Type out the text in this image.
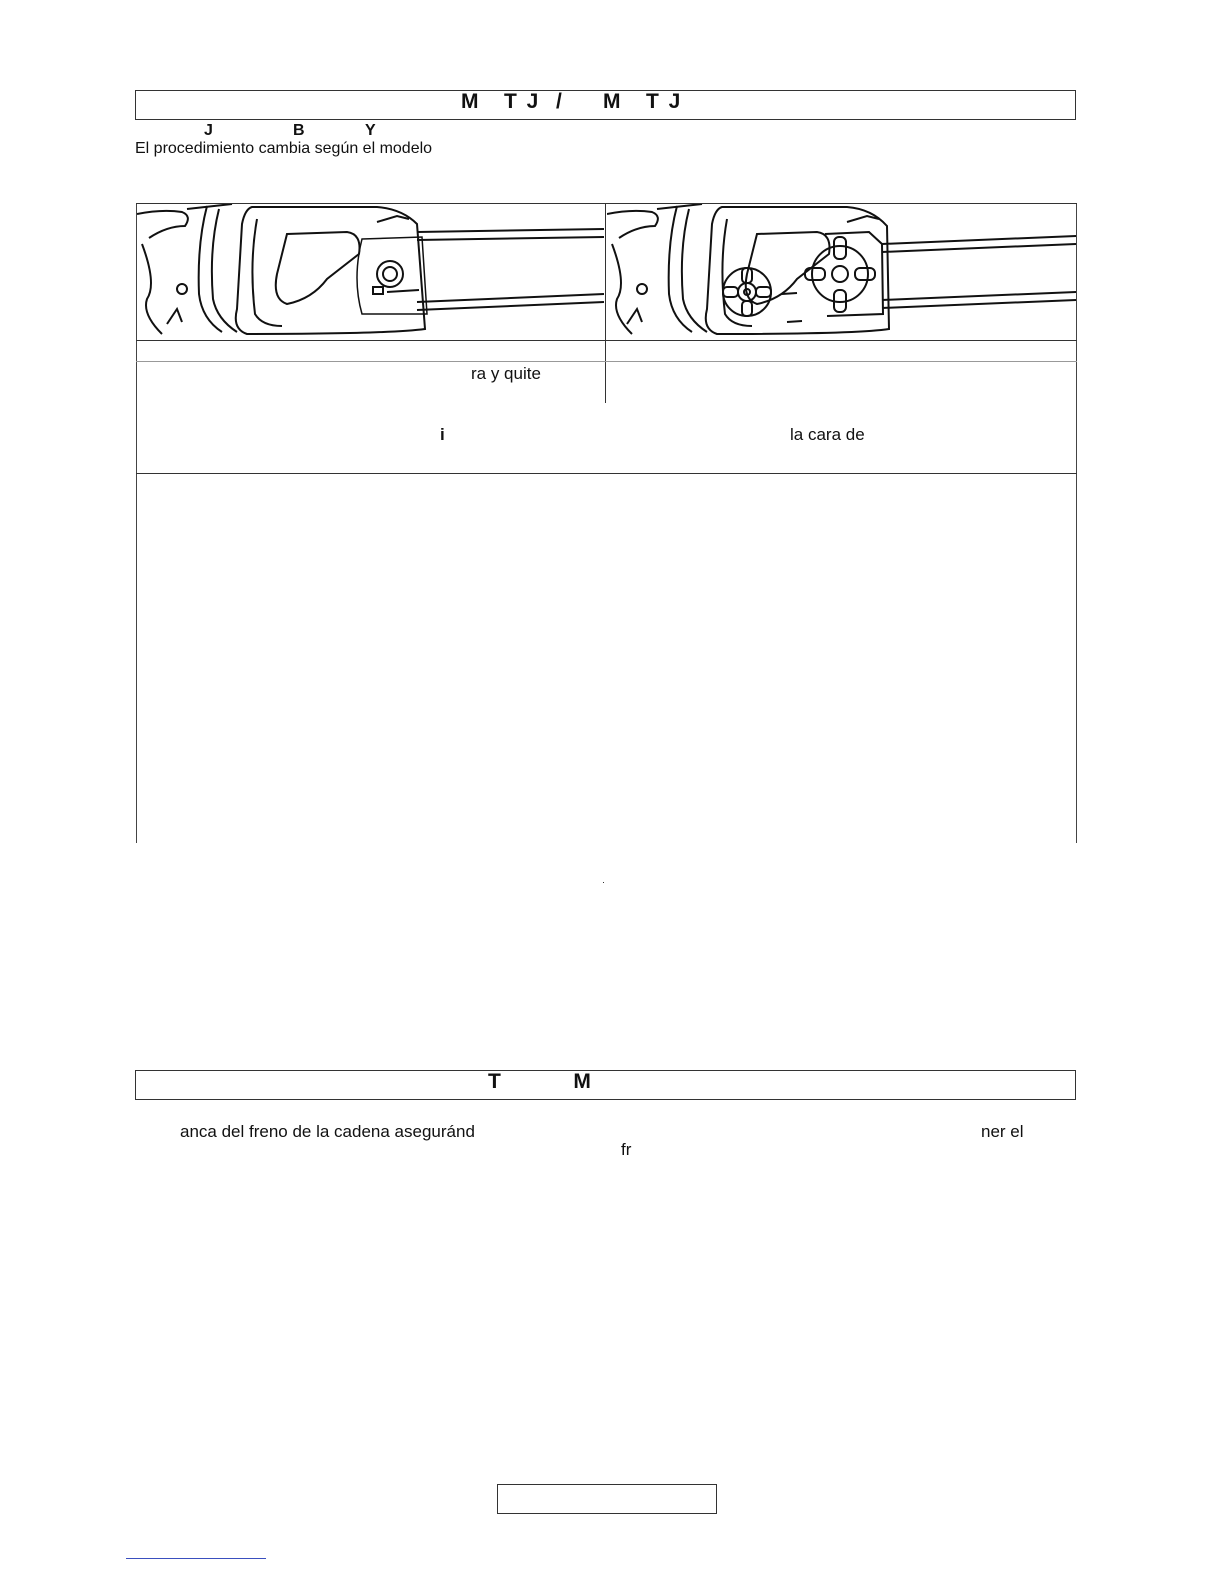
M   T J  /     M   T J
J	B	Y
El procedimiento cambia según el modelo
ra y quite
i	la cara de
T         M
anca del freno de la cadena aseguránd	ner el
fr
